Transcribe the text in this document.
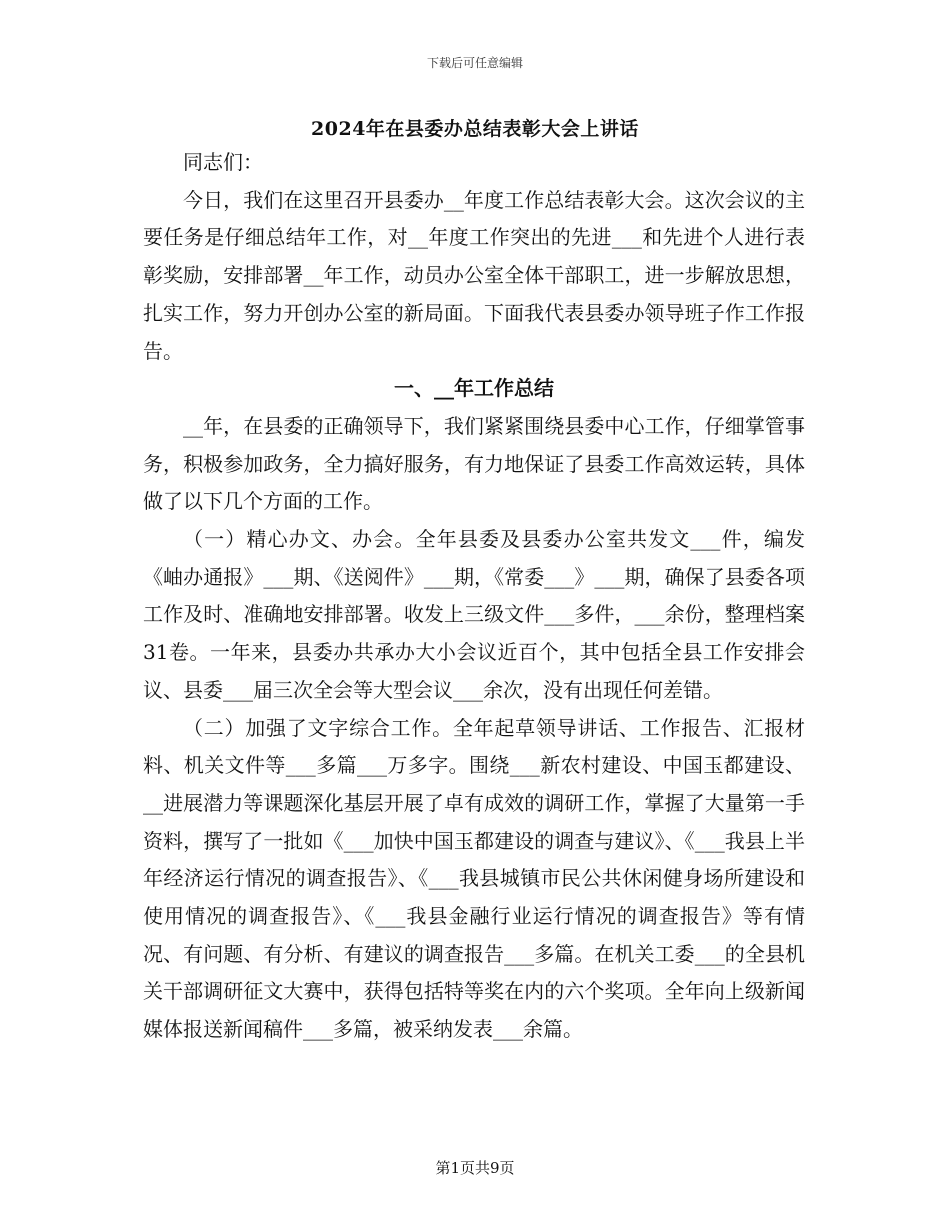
下载后可任意编辑
2024年在县委办总结表彰大会上讲话

同志们：

今日，我们在这里召开县委办__年度工作总结表彰大会。这次会议的主要任务是仔细总结年工作，对__年度工作突出的先进___和先进个人进行表彰奖励，安排部署__年工作，动员办公室全体干部职工，进一步解放思想，扎实工作，努力开创办公室的新局面。下面我代表县委办领导班子作工作报告。

一、__年工作总结

__年，在县委的正确领导下，我们紧紧围绕县委中心工作，仔细掌管事务，积极参加政务，全力搞好服务，有力地保证了县委工作高效运转，具体做了以下几个方面的工作。

（一）精心办文、办会。全年县委及县委办公室共发文___件，编发《岫办通报》___期、《送阅件》___期，《常委___》___期，确保了县委各项工作及时、准确地安排部署。收发上三级文件___多件，___余份，整理档案31卷。一年来，县委办共承办大小会议近百个，其中包括全县工作安排会议、县委___届三次全会等大型会议___余次，没有出现任何差错。

（二）加强了文字综合工作。全年起草领导讲话、工作报告、汇报材料、机关文件等___多篇___万多字。围绕___新农村建设、中国玉都建设、__进展潜力等课题深化基层开展了卓有成效的调研工作，掌握了大量第一手资料，撰写了一批如《___加快中国玉都建设的调查与建议》、《___我县上半年经济运行情况的调查报告》、《___我县城镇市民公共休闲健身场所建设和使用情况的调查报告》、《___我县金融行业运行情况的调查报告》等有情况、有问题、有分析、有建议的调查报告___多篇。在机关工委___的全县机关干部调研征文大赛中，获得包括特等奖在内的六个奖项。全年向上级新闻媒体报送新闻稿件___多篇，被采纳发表___余篇。

第1页共9页
